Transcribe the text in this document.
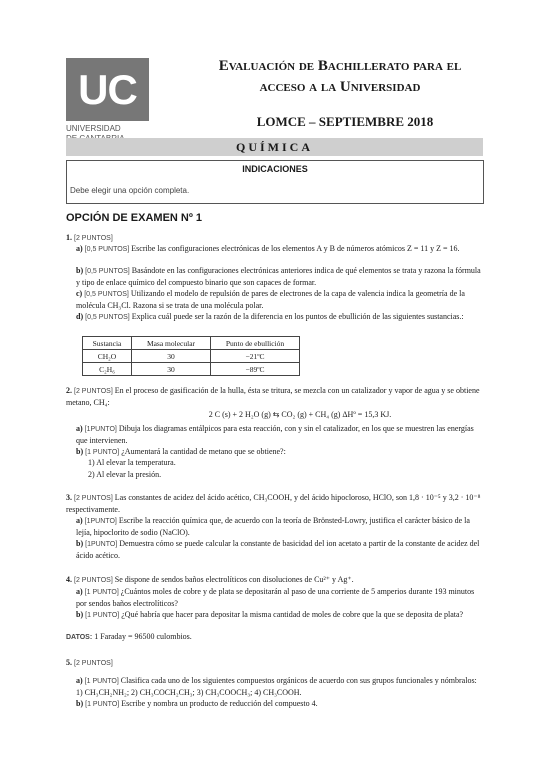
UC
UNIVERSIDAD
Evaluación de Bachillerato para el
acceso a la Universidad
LOMCE – SEPTIEMBRE 2018
QUÍMICA
INDICACIONES
Debe elegir una opción completa.
OPCIÓN DE EXAMEN Nº 1
1. [2 PUNTOS]
a) [0,5 PUNTOS] Escribe las configuraciones electrónicas de los elementos A y B de números atómicos Z = 11 y Z = 16.
b) [0,5 PUNTOS] Basándote en las configuraciones electrónicas anteriores indica de qué elementos se trata y razona la fórmula y tipo de enlace químico del compuesto binario que son capaces de formar.
c) [0,5 PUNTOS] Utilizando el modelo de repulsión de pares de electrones de la capa de valencia indica la geometría de la molécula CH₃Cl. Razona si se trata de una molécula polar.
d) [0,5 PUNTOS] Explica cuál puede ser la razón de la diferencia en los puntos de ebullición de las siguientes sustancias.:
Sustancia	Masa molecular	Punto de ebullición
CH₂O	30	−21ºC
C₂H₆	30	−89ºC
2. [2 PUNTOS] En el proceso de gasificación de la hulla, ésta se tritura, se mezcla con un catalizador y vapor de agua y se obtiene metano, CH₄:
2 C (s) + 2 H₂O (g) ⇆ CO₂ (g) + CH₄ (g) ΔHº = 15,3 KJ.
a) [1PUNTO] Dibuja los diagramas entálpicos para esta reacción, con y sin el catalizador, en los que se muestren las energías que intervienen.
b) [1 PUNTO] ¿Aumentará la cantidad de metano que se obtiene?:
1) Al elevar la temperatura.
2) Al elevar la presión.
3. [2 PUNTOS] Las constantes de acidez del ácido acético, CH₃COOH, y del ácido hipocloroso, HClO, son 1,8 · 10⁻⁵ y 3,2 · 10⁻⁸ respectivamente.
a) [1PUNTO] Escribe la reacción química que, de acuerdo con la teoría de Brönsted-Lowry, justifica el carácter básico de la lejía, hipoclorito de sodio (NaClO).
b) [1PUNTO] Demuestra cómo se puede calcular la constante de basicidad del ion acetato a partir de la constante de acidez del ácido acético.
4. [2 PUNTOS] Se dispone de sendos baños electrolíticos con disoluciones de Cu²⁺ y Ag⁺.
a) [1 PUNTO] ¿Cuántos moles de cobre y de plata se depositarán al paso de una corriente de 5 amperios durante 193 minutos por sendos baños electrolíticos?
b) [1 PUNTO] ¿Qué habría que hacer para depositar la misma cantidad de moles de cobre que la que se deposita de plata?
DATOS: 1 Faraday = 96500 culombios.
5. [2 PUNTOS]
a) [1 PUNTO] Clasifica cada uno de los siguientes compuestos orgánicos de acuerdo con sus grupos funcionales y nómbralos: 1) CH₃CH₂NH₂; 2) CH₃COCH₂CH₃; 3) CH₃COOCH₃; 4) CH₃COOH.
b) [1 PUNTO] Escribe y nombra un producto de reducción del compuesto 4.
